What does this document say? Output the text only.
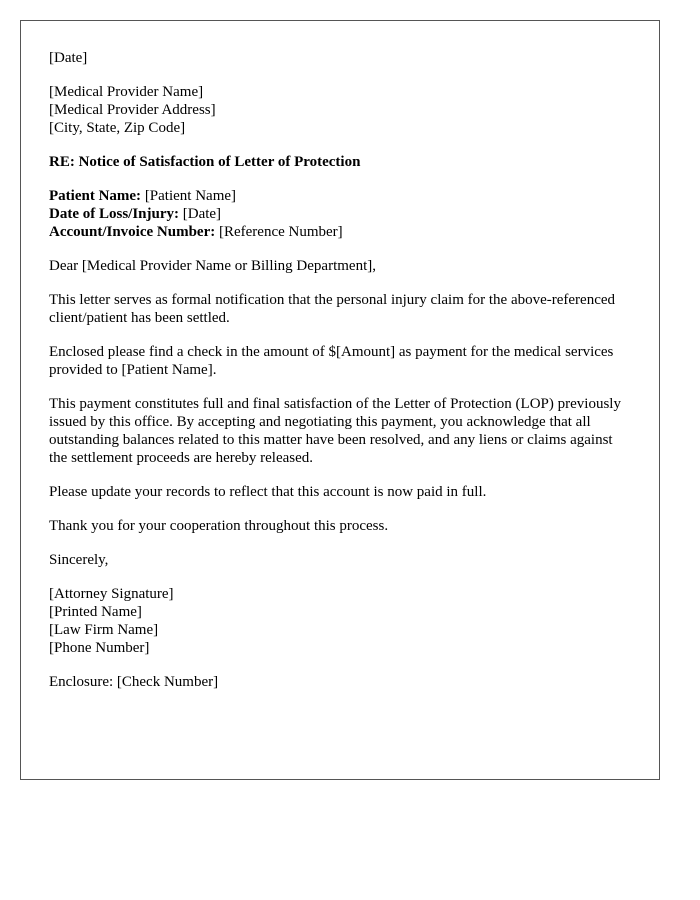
[Date]
[Medical Provider Name]
[Medical Provider Address]
[City, State, Zip Code]
RE: Notice of Satisfaction of Letter of Protection
Patient Name: [Patient Name]
Date of Loss/Injury: [Date]
Account/Invoice Number: [Reference Number]

Dear [Medical Provider Name or Billing Department],

This letter serves as formal notification that the personal injury claim for the above-referenced client/patient has been settled.

Enclosed please find a check in the amount of $[Amount] as payment for the medical services provided to [Patient Name].

This payment constitutes full and final satisfaction of the Letter of Protection (LOP) previously issued by this office. By accepting and negotiating this payment, you acknowledge that all outstanding balances related to this matter have been resolved, and any liens or claims against the settlement proceeds are hereby released.

Please update your records to reflect that this account is now paid in full.

Thank you for your cooperation throughout this process.

Sincerely,

[Attorney Signature]
[Printed Name]
[Law Firm Name]
[Phone Number]

Enclosure: [Check Number]
